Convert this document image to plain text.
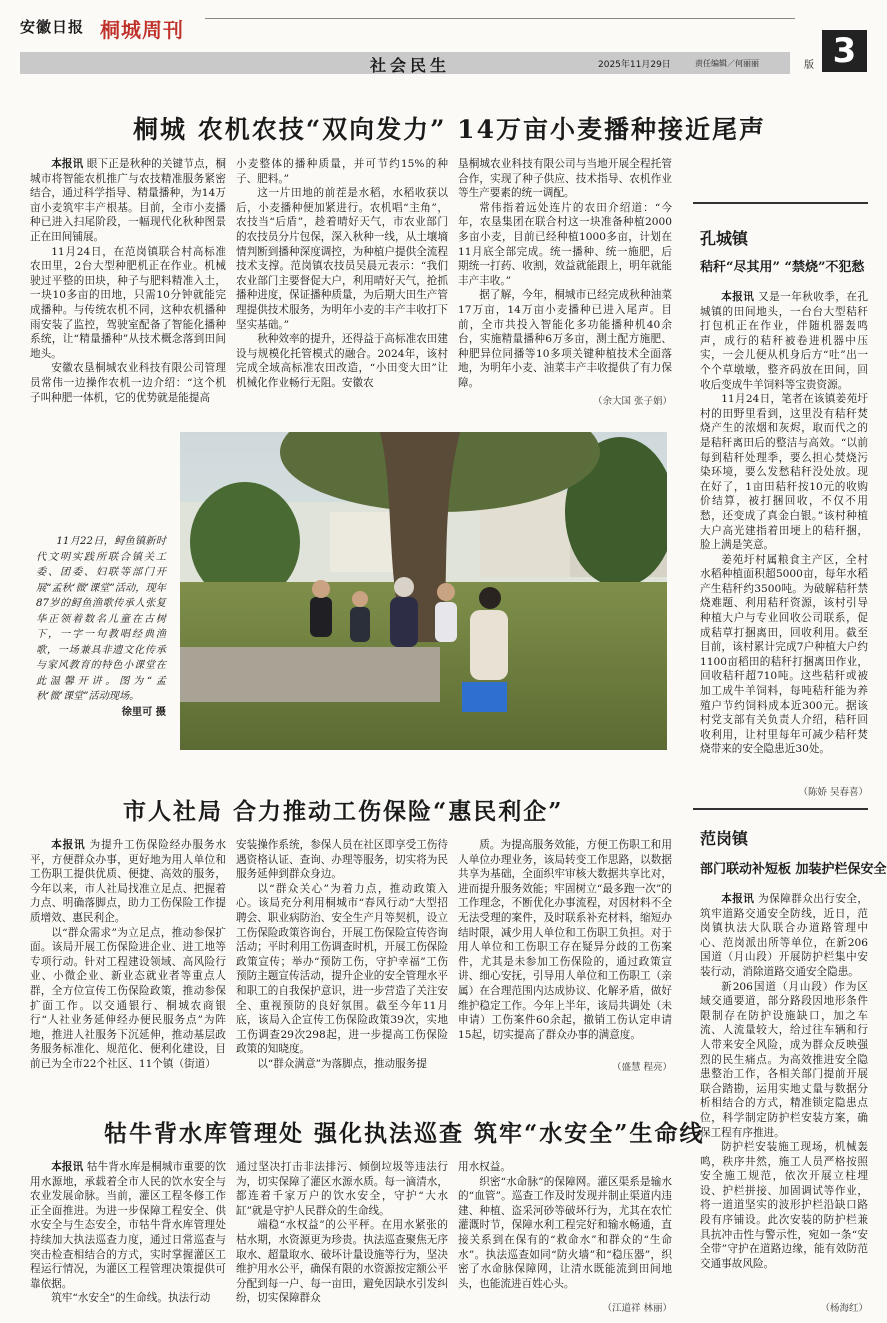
安徽日报 桐城周刊
社会民生	2025年11月29日	责任编辑／何丽丽	版 3
桐城 农机农技“双向发力” 14万亩小麦播种接近尾声

本报讯 眼下正是秋种的关键节点，桐城市将智能农机推广与农技精准服务紧密结合，通过科学指导、精量播种，为14万亩小麦筑牢丰产根基。目前，全市小麦播种已进入扫尾阶段，一幅现代化秋种图景正在田间铺展。

11月24日，在范岗镇联合村高标准农田里，2台大型种肥机正在作业。机械驶过平整的田块，种子与肥料精准入土，一块10多亩的田地，只需10分钟就能完成播种。与传统农机不同，这种农机播种雨安装了监控，驾驶室配备了智能化播种系统，让“精量播种”从技术概念落到田间地头。

安徽农垦桐城农业科技有限公司管理员常伟一边操作农机一边介绍：“这个机子叫种肥一体机，它的优势就是能提高

小麦整体的播种质量，并可节约15%的种子、肥料。”

这一片田地的前茬是水稻，水稻收获以后，小麦播种便加紧进行。农机唱“主角”，农技当“后盾”，趁着晴好天气，市农业部门的农技员分片包保，深入秋种一线，从土壤墒情判断到播种深度调控，为种植户提供全流程技术支撑。范岗镇农技员吴晨元表示：“我们农业部门主要督促大户，利用晴好天气，抢抓播种进度，保证播种质量，为后期大田生产管理提供技术服务，为明年小麦的丰产丰收打下坚实基础。”

秋种效率的提升，还得益于高标准农田建设与规模化托管模式的融合。2024年，该村完成全域高标准农田改造，“小田变大田”让机械化作业畅行无阻。安徽农

垦桐城农业科技有限公司与当地开展全程托管合作，实现了种子供应、技术指导、农机作业等生产要素的统一调配。

常伟指着远处连片的农田介绍道：“今年，农垦集团在联合村这一块准备种植2000多亩小麦，目前已经种植1000多亩，计划在11月底全部完成。统一播种、统一施肥，后期统一打药、收割，效益就能跟上，明年就能丰产丰收。”

据了解，今年，桐城市已经完成秋种油菜17万亩，14万亩小麦播种已进入尾声。目前，全市共投入智能化多功能播种机40余台，实施精量播种6万多亩，测土配方施肥、种肥异位同播等10多项关键种植技术全面落地，为明年小麦、油菜丰产丰收提供了有力保障。

（余大国 张子娟）

11月22日，鲟鱼镇新时代文明实践所联合镇关工委、团委、妇联等部门开展“孟秋‘微’课堂”活动，现年87岁的鲟鱼渔歌传承人张复华正领着数名儿童在古树下，一字一句教唱经典渔歌，一场兼具非遗文化传承与家风教育的特色小课堂在此温馨开讲。图为“孟秋‘微’课堂”活动现场。

徐里可 摄
市人社局 合力推动工伤保险“惠民利企”

本报讯 为提升工伤保险经办服务水平，方便群众办事，更好地为用人单位和工伤职工提供优质、便捷、高效的服务，今年以来，市人社局找准立足点、把握着力点、明确落脚点，助力工伤保险工作提质增效、惠民利企。

以“群众需求”为立足点，推动参保扩面。该局开展工伤保险进企业、进工地等专项行动。针对工程建设领域、高风险行业、小微企业、新业态就业者等重点人群，全方位宣传工伤保险政策，推动参保扩面工作。以交通银行、桐城农商银行“人社业务延伸经办便民服务点”为阵地，推进人社服务下沉延伸，推动基层政务服务标准化、规范化、便利化建设，目前已为全市22个社区、11个镇（街道）

安装操作系统，参保人员在社区即享受工伤待遇资格认证、查询、办理等服务，切实将为民服务延伸到群众身边。

以“群众关心”为着力点，推动政策入心。该局充分利用桐城市“春风行动”大型招聘会、职业病防治、安全生产月等契机，设立工伤保险政策咨询台，开展工伤保险宣传咨询活动；平时利用工伤调查时机，开展工伤保险政策宣传；举办“预防工伤，守护幸福”工伤预防主题宣传活动，提升企业的安全管理水平和职工的自我保护意识，进一步营造了关注安全、重视预防的良好氛围。截至今年11月底，该局入企宣传工伤保险政策39次，实地工伤调查29次298起，进一步提高工伤保险政策的知晓度。

以“群众满意”为落脚点，推动服务提

质。为提高服务效能，方便工伤职工和用人单位办理业务，该局转变工作思路，以数据共享为基础，全面织牢审核大数据共享比对，进而提升服务效能；牢固树立“最多跑一次”的工作理念，不断优化办事流程，对因材料不全无法受理的案件，及时联系补充材料，缩短办结时限，减少用人单位和工伤职工负担。对于用人单位和工伤职工存在疑异分歧的工伤案件，尤其是未参加工伤保险的，通过政策宣讲、细心安抚，引导用人单位和工伤职工（亲属）在合理范围内达成协议、化解矛盾，做好维护稳定工作。今年上半年，该局共调处（未申请）工伤案件60余起，撤销工伤认定申请15起，切实提高了群众办事的满意度。

（盛慧 程亮）
牯牛背水库管理处 强化执法巡查 筑牢“水安全”生命线

本报讯 牯牛背水库是桐城市重要的饮用水源地，承载着全市人民的饮水安全与农业发展命脉。当前，灌区工程冬修工作正全面推进。为进一步保障工程安全、供水安全与生态安全，市牯牛背水库管理处持续加大执法巡查力度，通过日常巡查与突击检查相结合的方式，实时掌握灌区工程运行情况，为灌区工程管理决策提供可靠依据。

筑牢“水安全”的生命线。执法行动

通过坚决打击非法排污、倾倒垃圾等违法行为，切实保障了灌区水源水质。每一滴清水，都连着千家万户的饮水安全，守护“大水缸”就是守护人民群众的生命线。

端稳“水权益”的公平秤。在用水紧张的枯水期，水资源更为珍贵。执法巡查聚焦无序取水、超量取水、破坏计量设施等行为，坚决维护用水公平，确保有限的水资源按定额公平分配到每一户、每一亩田，避免因缺水引发纠纷，切实保障群众

用水权益。

织密“水命脉”的保障网。灌区渠系是输水的“血管”。巡查工作及时发现并制止渠道内违建、种植、盗采河砂等破坏行为，尤其在农忙灌溉时节，保障水利工程完好和输水畅通，直接关系到在保有的“救命水”和群众的“生命水”。执法巡查如同“防火墙”和“稳压器”，织密了水命脉保障网，让清水既能流到田间地头，也能流进百姓心头。

（江道祥 林丽）
孔城镇
秸秆“尽其用” “禁烧”不犯愁

本报讯 又是一年秋收季，在孔城镇的田间地头，一台台大型秸秆打包机正在作业，伴随机器轰鸣声，成行的秸秆被卷进机器中压实，一会儿便从机身后方“吐”出一个个草墩墩，整齐码放在田间，回收后变成牛羊饲料等宝贵资源。

11月24日，笔者在该镇姜苑圩村的田野里看到，这里没有秸秆焚烧产生的浓烟和灰烬，取而代之的是秸秆离田后的整洁与高效。“以前每到秸秆处理季，要么担心焚烧污染环境，要么发愁秸秆没处放。现在好了，1亩田秸秆按10元的收购价结算，被打捆回收，不仅不用愁，还变成了真金白银。”该村种植大户高光建指着田埂上的秸秆捆，脸上满是笑意。

姜苑圩村属粮食主产区，全村水稻种植面积超5000亩，每年水稻产生秸秆约3500吨。为破解秸秆禁烧难题、利用秸秆资源，该村引导种植大户与专业回收公司联系，促成秸草打捆离田，回收利用。截至目前，该村累计完成7户种植大户约1100亩稻田的秸秆打捆离田作业，回收秸秆超710吨。这些秸秆或被加工成牛羊饲料，每吨秸秆能为养殖户节约饲料成本近300元。据该村党支部有关负责人介绍，秸秆回收利用，让村里每年可减少秸秆焚烧带来的安全隐患近30处。

（陈娇 吴春喜）
范岗镇
部门联动补短板 加装护栏保安全

本报讯 为保障群众出行安全，筑牢道路交通安全防线，近日，范岗镇执法大队联合办道路管理中心、范岗派出所等单位，在新206国道（月山段）开展防护栏集中安装行动，消除道路交通安全隐患。

新206国道（月山段）作为区域交通要道，部分路段因地形条件限制存在防护设施缺口，加之车流、人流量较大，给过往车辆和行人带来安全风险，成为群众反映强烈的民生痛点。为高效推进安全隐患整治工作，各相关部门提前开展联合踏勘，运用实地丈量与数据分析相结合的方式，精准锁定隐患点位，科学制定防护栏安装方案，确保工程有序推进。

防护栏安装施工现场，机械轰鸣，秩序井然，施工人员严格按照安全施工规范，依次开展立柱埋设、护栏拼接、加固调试等作业，将一道道坚实的波形护栏沿缺口路段有序铺设。此次安装的防护栏兼具抗冲击性与警示性，宛如一条“安全带”守护在道路边缘，能有效防范交通事故风险。

（杨海红）
